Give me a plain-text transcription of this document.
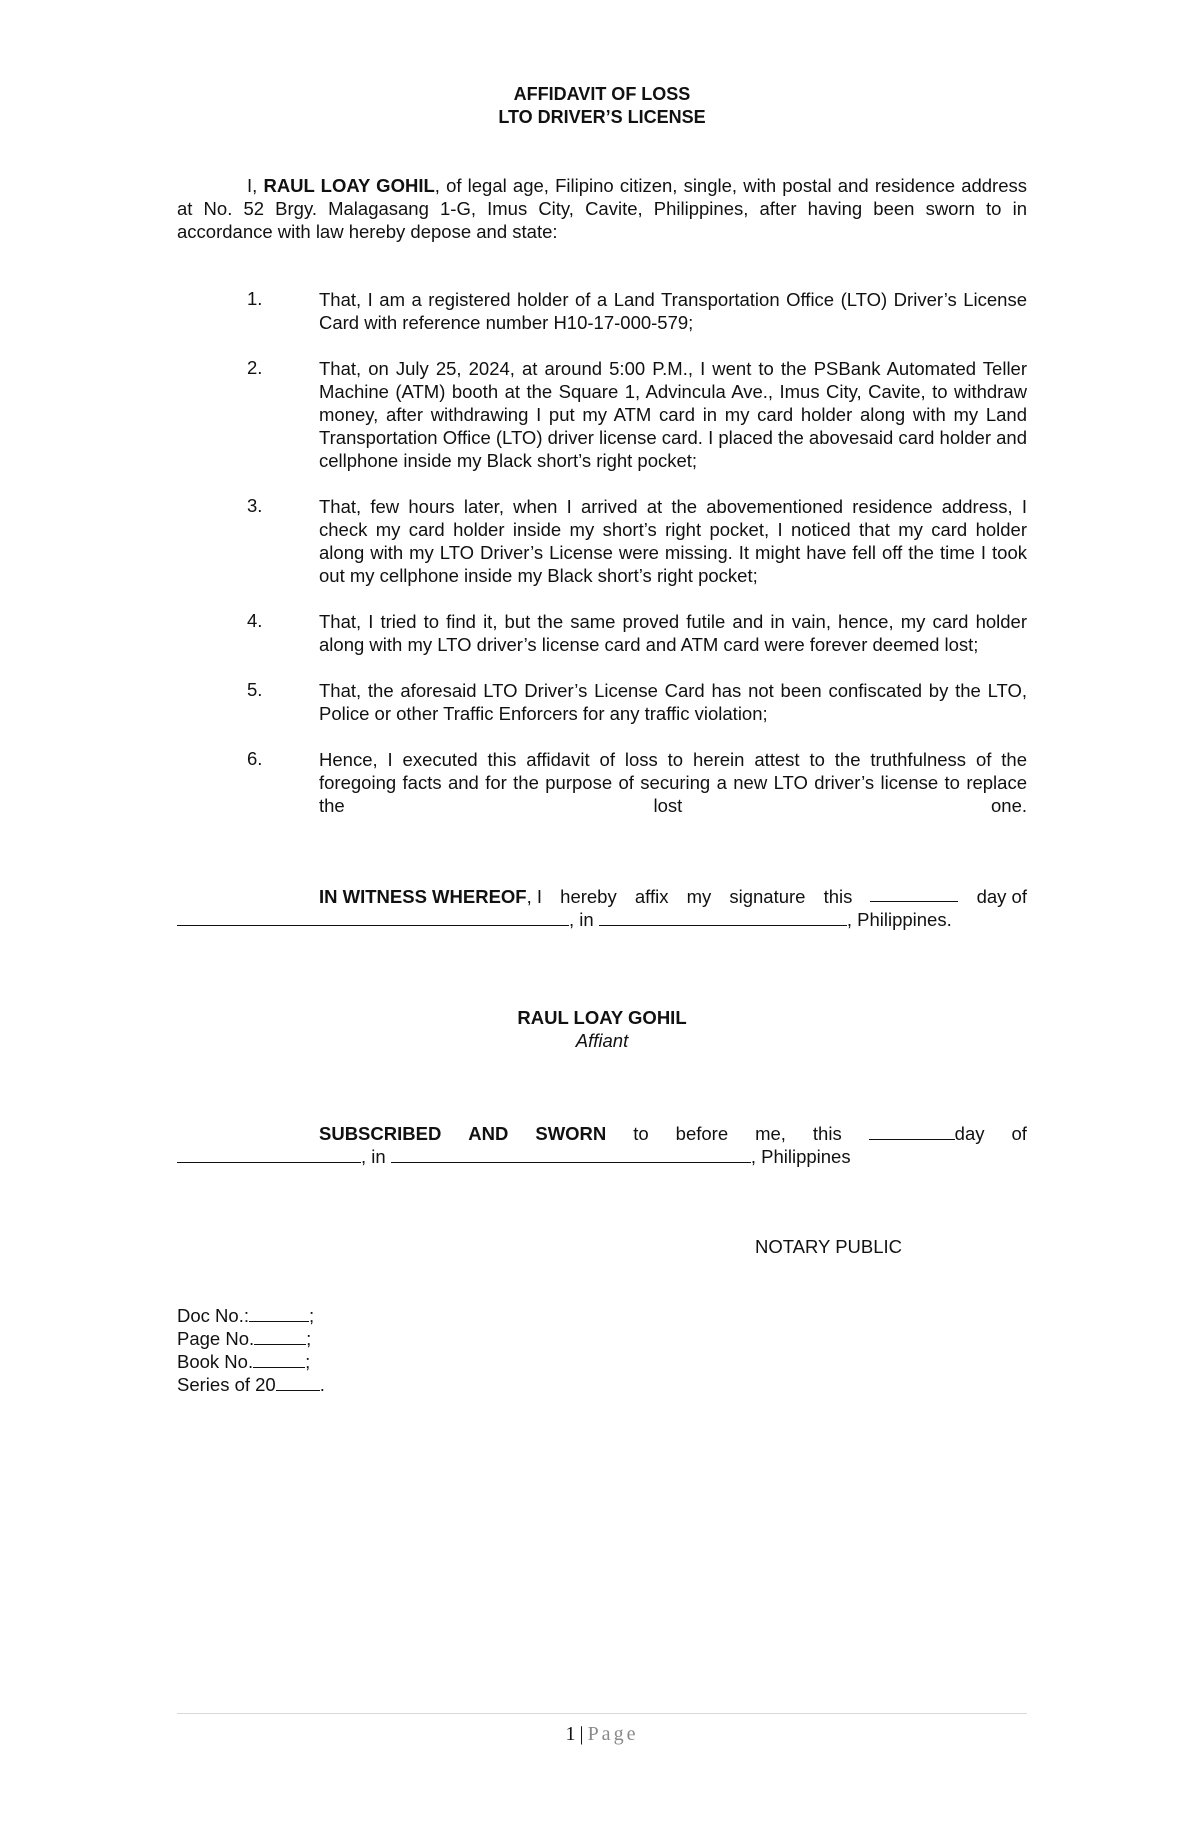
AFFIDAVIT OF LOSS
LTO DRIVER’S LICENSE

I, RAUL LOAY GOHIL, of legal age, Filipino citizen, single, with postal and residence address at No. 52 Brgy. Malagasang 1-G, Imus City, Cavite, Philippines, after having been sworn to in accordance with law hereby depose and state:

1.	That, I am a registered holder of a Land Transportation Office (LTO) Driver’s License Card with reference number H10-17-000-579;
2.	That, on July 25, 2024, at around 5:00 P.M., I went to the PSBank Automated Teller Machine (ATM) booth at the Square 1, Advincula Ave., Imus City, Cavite, to withdraw money, after withdrawing I put my ATM card in my card holder along with my Land Transportation Office (LTO) driver license card. I placed the abovesaid card holder and cellphone inside my Black short’s right pocket;
3.	That, few hours later, when I arrived at the abovementioned residence address, I check my card holder inside my short’s right pocket, I noticed that my card holder along with my LTO Driver’s License were missing. It might have fell off the time I took out my cellphone inside my Black short’s right pocket;
4.	That, I tried to find it, but the same proved futile and in vain, hence, my card holder along with my LTO driver’s license card and ATM card were forever deemed lost;
5.	That, the aforesaid LTO Driver’s License Card has not been confiscated by the LTO, Police or other Traffic Enforcers for any traffic violation;
6.	Hence, I executed this affidavit of loss to herein attest to the truthfulness of the foregoing facts and for the purpose of securing a new LTO driver’s license to replace the lost one.
IN WITNESS WHEREOF, I hereby affix my signature this	day of
, in	, Philippines.
RAUL LOAY GOHIL
Affiant
SUBSCRIBED AND SWORN to before me, this	day of
, in	, Philippines
NOTARY PUBLIC
Doc No.:	;
Page No.	;
Book No.	;
Series of 20 .
1 | Page
